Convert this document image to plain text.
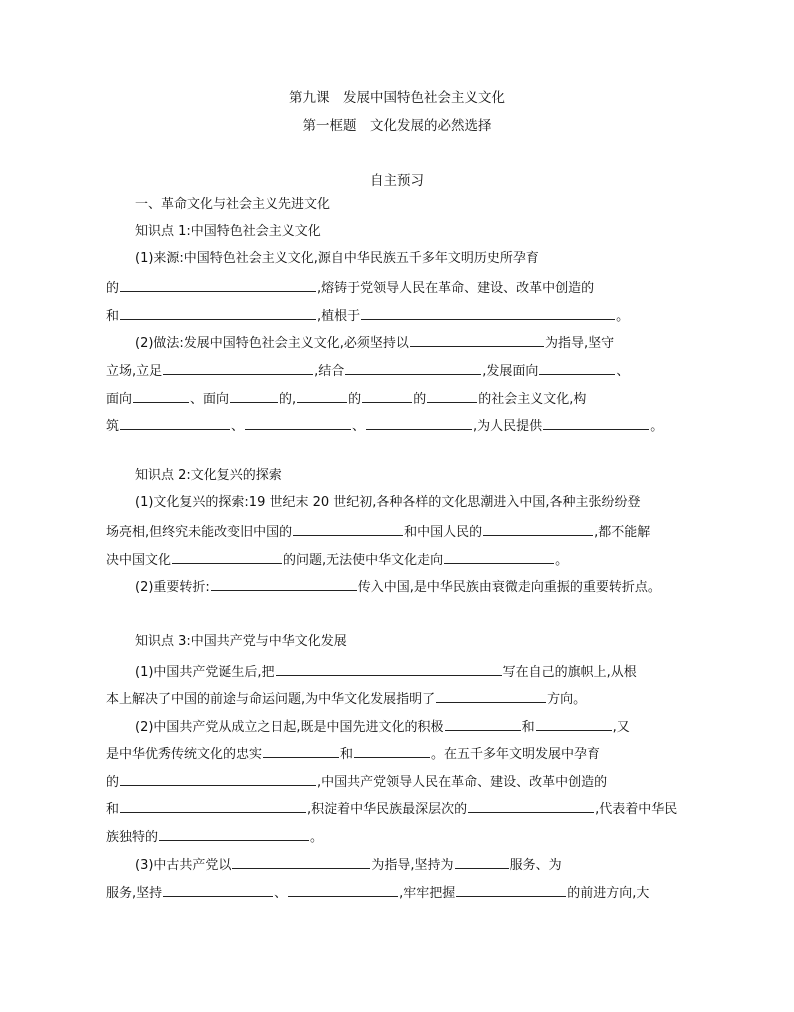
第九课　发展中国特色社会主义文化
第一框题　文化发展的必然选择
自主预习
一、革命文化与社会主义先进文化
知识点 1:中国特色社会主义文化
(1)来源:中国特色社会主义文化,源自中华民族五千多年文明历史所孕育
的	,熔铸于党领导人民在革命、建设、改革中创造的
和	,植根于	。
(2)做法:发展中国特色社会主义文化,必须坚持以	为指导,坚守
立场,立足	,结合	,发展面向	、
面向	、面向	的,	的	的	的社会主义文化,构
筑	、	、	,为人民提供	。
知识点 2:文化复兴的探索
(1)文化复兴的探索:19 世纪末 20 世纪初,各种各样的文化思潮进入中国,各种主张纷纷登
场亮相,但终究未能改变旧中国的	和中国人民的	,都不能解
决中国文化	的问题,无法使中华文化走向	。
(2)重要转折:	传入中国,是中华民族由衰微走向重振的重要转折点。
知识点 3:中国共产党与中华文化发展
(1)中国共产党诞生后,把	写在自己的旗帜上,从根
本上解决了中国的前途与命运问题,为中华文化发展指明了	方向。
(2)中国共产党从成立之日起,既是中国先进文化的积极	和	,又
是中华优秀传统文化的忠实	和	。在五千多年文明发展中孕育
的	,中国共产党领导人民在革命、建设、改革中创造的
和	,积淀着中华民族最深层次的	,代表着中华民
族独特的	。
(3)中古共产党以	为指导,坚持为	服务、为
服务,坚持	、	,牢牢把握	的前进方向,大
